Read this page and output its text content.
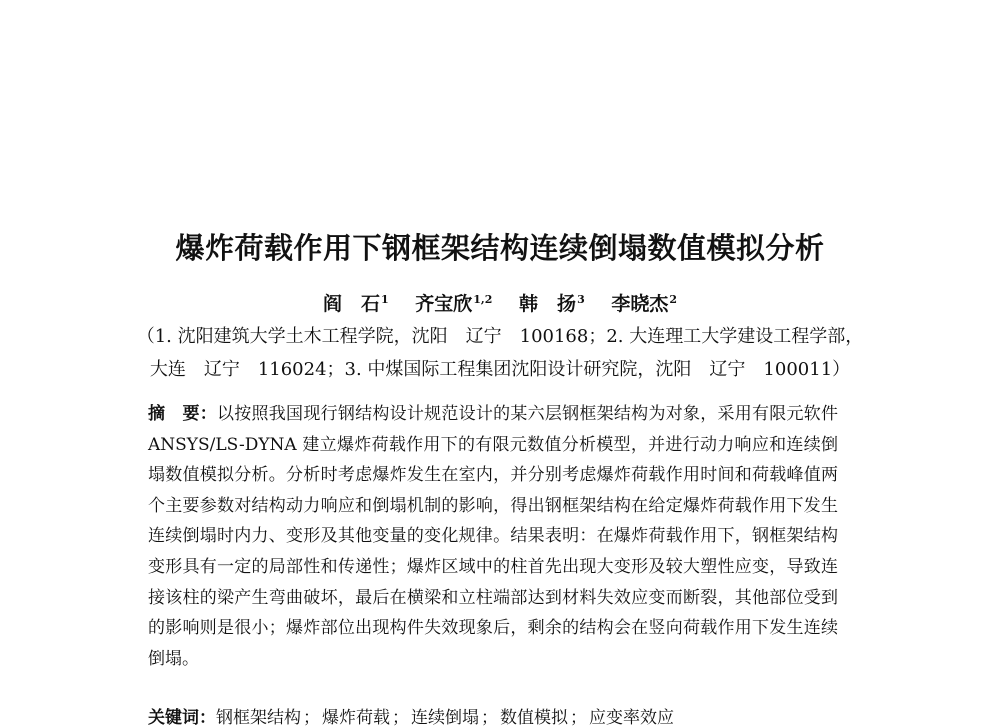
爆炸荷载作用下钢框架结构连续倒塌数值模拟分析
阎　石$^1$ 齐宝欣$^{1,2}$ 韩　扬$^3$ 李晓杰$^2$
（1. 沈阳建筑大学土木工程学院，沈阳　辽宁　100168；2. 大连理工大学建设工程学部，
大连　辽宁　116024；3. 中煤国际工程集团沈阳设计研究院，沈阳　辽宁　100011）
摘　要：以按照我国现行钢结构设计规范设计的某六层钢框架结构为对象，采用有限元软件 ANSYS/LS-DYNA 建立爆炸荷载作用下的有限元数值分析模型，并进行动力响应和连续倒塌数值模拟分析。分析时考虑爆炸发生在室内，并分别考虑爆炸荷载作用时间和荷载峰值两个主要参数对结构动力响应和倒塌机制的影响，得出钢框架结构在给定爆炸荷载作用下发生连续倒塌时内力、变形及其他变量的变化规律。结果表明：在爆炸荷载作用下，钢框架结构变形具有一定的局部性和传递性；爆炸区域中的柱首先出现大变形及较大塑性应变，导致连接该柱的梁产生弯曲破坏，最后在横梁和立柱端部达到材料失效应变而断裂，其他部位受到的影响则是很小；爆炸部位出现构件失效现象后，剩余的结构会在竖向荷载作用下发生连续倒塌。
关键词：钢框架结构 ； 爆炸荷载 ； 连续倒塌 ； 数值模拟 ； 应变率效应
